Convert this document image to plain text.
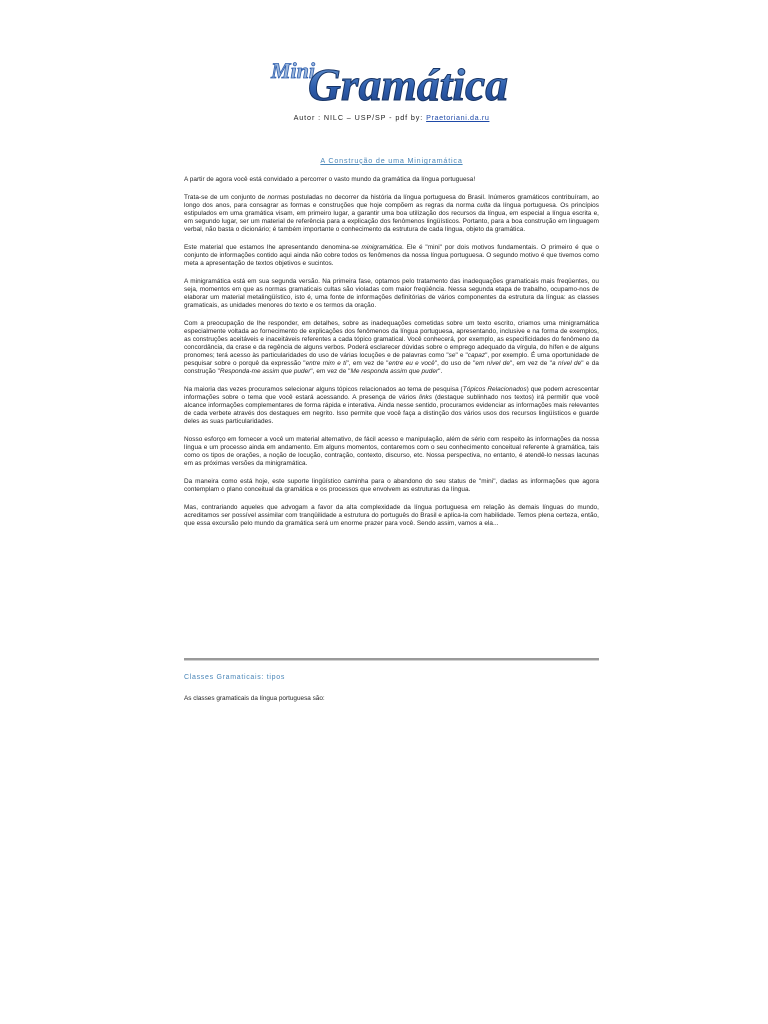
Mini
Gramática
Autor : NILC – USP/SP - pdf by: Praetoriani.da.ru
A Construção de uma Minigramática

A partir de agora você está convidado a percorrer o vasto mundo da gramática da língua portuguesa!

Trata-se de um conjunto de normas postuladas no decorrer da história da língua portuguesa do Brasil. Inúmeros gramáticos contribuíram, ao longo dos anos, para consagrar as formas e construções que hoje compõem as regras da norma culta da língua portuguesa. Os princípios estipulados em uma gramática visam, em primeiro lugar, a garantir uma boa utilização dos recursos da língua, em especial a língua escrita e, em segundo lugar, ser um material de referência para a explicação dos fenômenos lingüísticos. Portanto, para a boa construção em linguagem verbal, não basta o dicionário; é também importante o conhecimento da estrutura de cada língua, objeto da gramática.

Este material que estamos lhe apresentando denomina-se minigramática. Ele é "mini" por dois motivos fundamentais. O primeiro é que o conjunto de informações contido aqui ainda não cobre todos os fenômenos da nossa língua portuguesa. O segundo motivo é que tivemos como meta a apresentação de textos objetivos e sucintos.

A minigramática está em sua segunda versão. Na primeira fase, optamos pelo tratamento das inadequações gramaticais mais freqüentes, ou seja, momentos em que as normas gramaticais cultas são violadas com maior freqüência. Nessa segunda etapa de trabalho, ocupamo-nos de elaborar um material metalingüístico, isto é, uma fonte de informações definitórias de vários componentes da estrutura da língua: as classes gramaticais, as unidades menores do texto e os termos da oração.

Com a preocupação de lhe responder, em detalhes, sobre as inadequações cometidas sobre um texto escrito, criamos uma minigramática especialmente voltada ao fornecimento de explicações dos fenômenos da língua portuguesa, apresentando, inclusive e na forma de exemplos, as construções aceitáveis e inaceitáveis referentes a cada tópico gramatical. Você conhecerá, por exemplo, as especificidades do fenômeno da concordância, da crase e da regência de alguns verbos. Poderá esclarecer dúvidas sobre o emprego adequado da vírgula, do hífen e de alguns pronomes; terá acesso às particularidades do uso de várias locuções e de palavras como "se" e "capaz", por exemplo. É uma oportunidade de pesquisar sobre o porquê da expressão "entre mim e ti", em vez de "entre eu e você", do uso de "em nível de", em vez de "a nível de" e da construção "Responda-me assim que puder", em vez de "Me responda assim que puder".

Na maioria das vezes procuramos selecionar alguns tópicos relacionados ao tema de pesquisa (Tópicos Relacionados) que podem acrescentar informações sobre o tema que você estará acessando. A presença de vários links (destaque sublinhado nos textos) irá permitir que você alcance informações complementares de forma rápida e interativa. Ainda nesse sentido, procuramos evidenciar as informações mais relevantes de cada verbete através dos destaques em negrito. Isso permite que você faça a distinção dos vários usos dos recursos lingüísticos e guarde deles as suas particularidades.

Nosso esforço em fornecer a você um material alternativo, de fácil acesso e manipulação, além de sério com respeito às informações da nossa língua e um processo ainda em andamento. Em alguns momentos, contaremos com o seu conhecimento conceitual referente à gramática, tais como os tipos de orações, a noção de locução, contração, contexto, discurso, etc. Nossa perspectiva, no entanto, é atendê-lo nessas lacunas em as próximas versões da minigramática.

Da maneira como está hoje, este suporte lingüístico caminha para o abandono do seu status de "mini", dadas as informações que agora contemplam o plano conceitual da gramática e os processos que envolvem as estruturas da língua.

Mas, contrariando aqueles que advogam a favor da alta complexidade da língua portuguesa em relação às demais línguas do mundo, acreditamos ser possível assimilar com tranqüilidade a estrutura do português do Brasil e aplica-la com habilidade. Temos plena certeza, então, que essa excursão pelo mundo da gramática será um enorme prazer para você. Sendo assim, vamos a ela...

Classes Gramaticais: tipos
As classes gramaticais da língua portuguesa são:
